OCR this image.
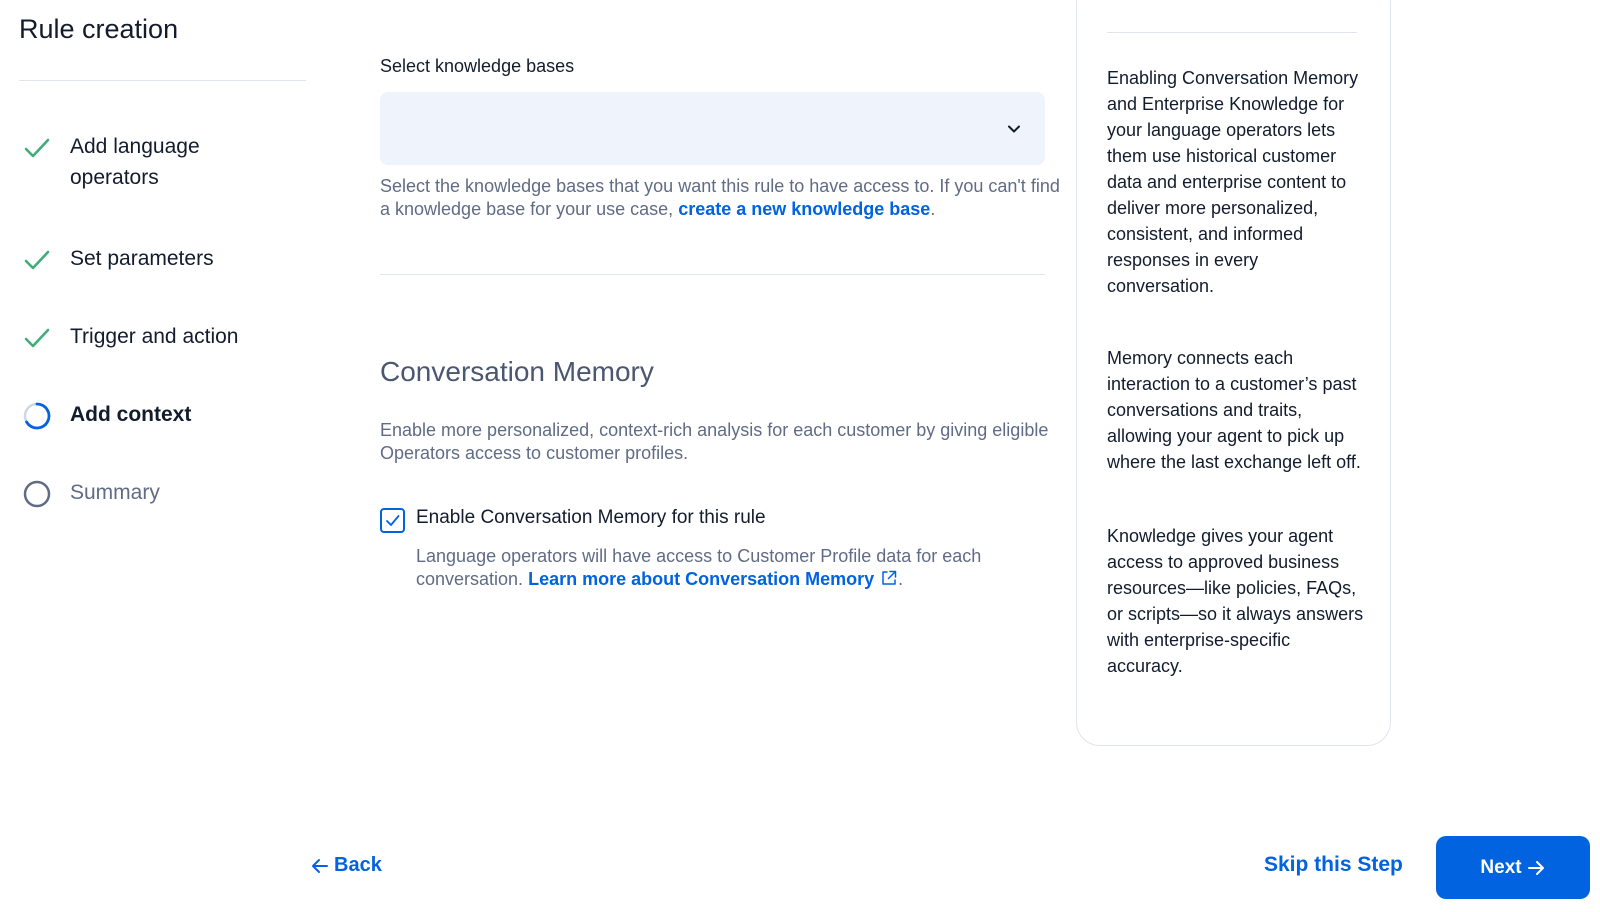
Rule creation
Add language operators
Set parameters
Trigger and action
Add context
Summary
Select knowledge bases

Select the knowledge bases that you want this rule to have access to. If you can't find a knowledge base for your use case, create a new knowledge base.

Conversation Memory

Enable more personalized, context-rich analysis for each customer by giving eligible Operators access to customer profiles.

Enable Conversation Memory for this rule

Language operators will have access to Customer Profile data for each conversation. Learn more about Conversation Memory .

Enabling Conversation Memory and Enterprise Knowledge for your language operators lets them use historical customer data and enterprise content to deliver more personalized, consistent, and informed responses in every conversation.

Memory connects each interaction to a customer’s past conversations and traits, allowing your agent to pick up where the last exchange left off.

Knowledge gives your agent access to approved business resources—like policies, FAQs, or scripts—so it always answers with enterprise-specific accuracy.

Back	Skip this Step	Next
